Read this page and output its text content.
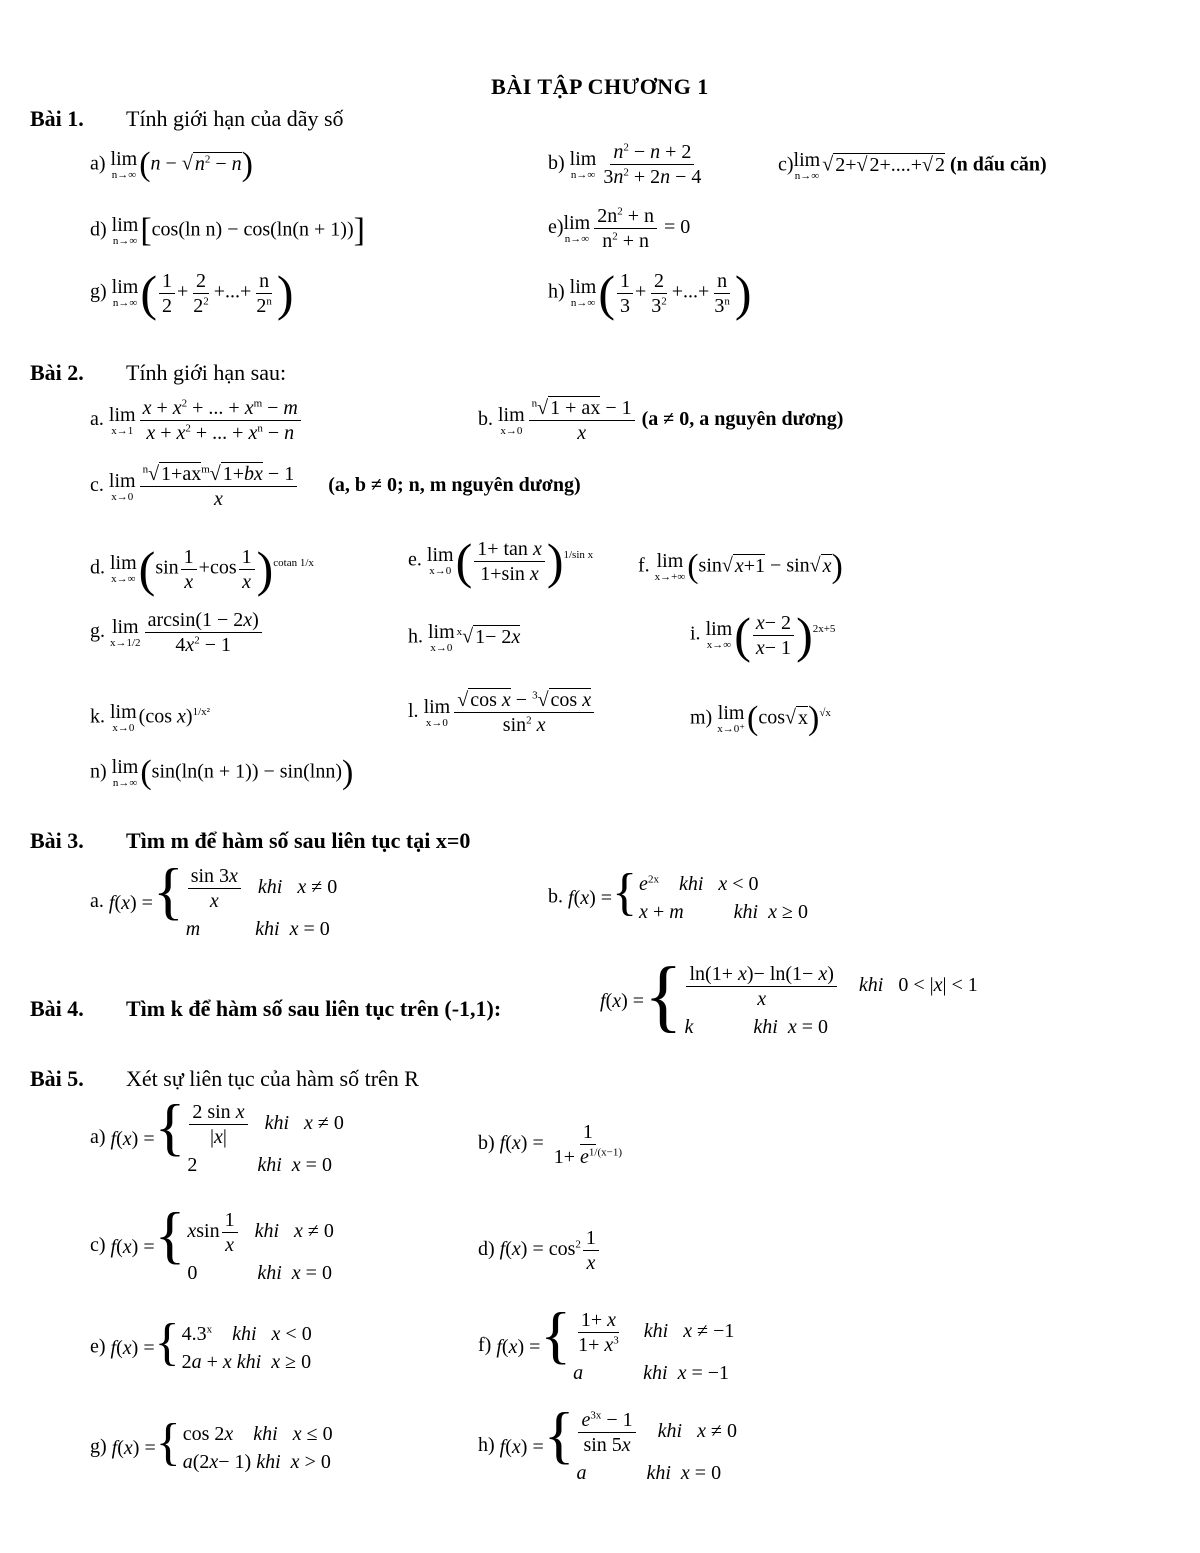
BÀI TẬP CHƯƠNG 1
Bài 1. Tính giới hạn của dãy số
a) lim
n→∞ (n − √ $n^2 - n$)	b) lim
$n\to\infty \frac{n^2 - n + 2}{3n^2 + 2n - 4}$	c)lim
n→∞
√ 2+√ 2+....+√ 2 (n dấu căn)
d) lim
n→∞ [cos(ln n) − cos(ln(n + 1))]	e)lim
$n\to\infty \frac{2n^2 + n}{n^2 + n} = 0$
g) lim
n→∞ ( $\frac{1}{2} + \frac{2}{2^2}$ +...+ $\frac{n}{2^n}$ )	h) lim
n→∞ ( $\frac{1}{3} + \frac{2}{3^2}$ +...+ $\frac{n}{3^n}$ )
Bài 2. Tính giới hạn sau:
a. lim
$x\to 1 \frac{x + x^2 + ... + x^m - m}{x + x^2 + ... + x^n - n}$	b. lim
$x\to 0 \frac{^n√ 1 + ax - 1}{x} (a \ne 0$, a nguyên dương)
c. lim
$x\to 0 \frac{^n√ 1+ax^m√ 1+bx - 1}{x} (a$, b ≠ 0; n, m nguyên dương)
d. lim
x→∞ $(\sin \frac{1}{x} +\cos \frac{1}{x} )^{cotan 1/x}$	e. lim
x→0 ( $\frac{\text{1+ tan x}}{\text{1+sin x}} )^{1/sin x}$ f. lim
x→+∞ (sin√ x+1 − sin√ x)
g. lim
$x\to 1/2 \frac{\arcsin(1 - 2x)}{4x^2 - 1}$	h. lim
x→0
$^x$√ 1− 2x	i. lim
x→∞ ( $\frac{x- 2}{x- 1} )^{2x+5}$
k. lim
x→0
(cos x)$^{1/x^2}$	l. lim
$x\to 0 \frac{√ \cos x - ^3√ \cos x}{\sin^2 x}$	m) lim
x→0⁺ (cos√ x)$^{√x}$
n) lim
n→∞ (sin(ln(n + 1)) − sin(lnn))
Bài 3. Tìm m để hàm số sau liên tục tại x=0
a. f(x) = { $\frac{\sin 3x}{x}$ khi x ≠ 0
m	khi x = 0
b. f(x) = { $e^{2x}$ khi x < 0
x + m	khi x ≥ 0
Bài 4. Tìm k để hàm số sau liên tục trên (-1,1):	f(x) = { $\frac{\ln(1+ x)- \ln(1- x)}{x}$ khi   0 < |x| < 1
k	khi x = 0
Bài 5. Xét sự liên tục của hàm số trên R
a) f(x) = { $\frac{\text{2 sin x}}{|x|}$ khi x ≠ 0
2            khi x = 0
b) $f(x) = \frac{1}{1+ e^{1/(x-1)}}$
c) f(x) = { xsin $\frac{1}{x}$ khi x ≠ 0
0            khi x = 0
d) $f(x) = \cos^2 \frac{1}{x}$
e) f(x) = { 4.3$^x$ khi x < 0
2a + x khi x ≥ 0
f) f(x) = { $\frac{1+ x}{1+ x^3}$ khi x ≠ −1
a	khi x = −1
g) f(x) = { cos 2x khi x ≤ 0
a(2x− 1) khi x > 0
h) f(x) = { $\frac{e^{3x} - 1}{\sin 5x}$ khi x ≠ 0
a	khi x = 0
